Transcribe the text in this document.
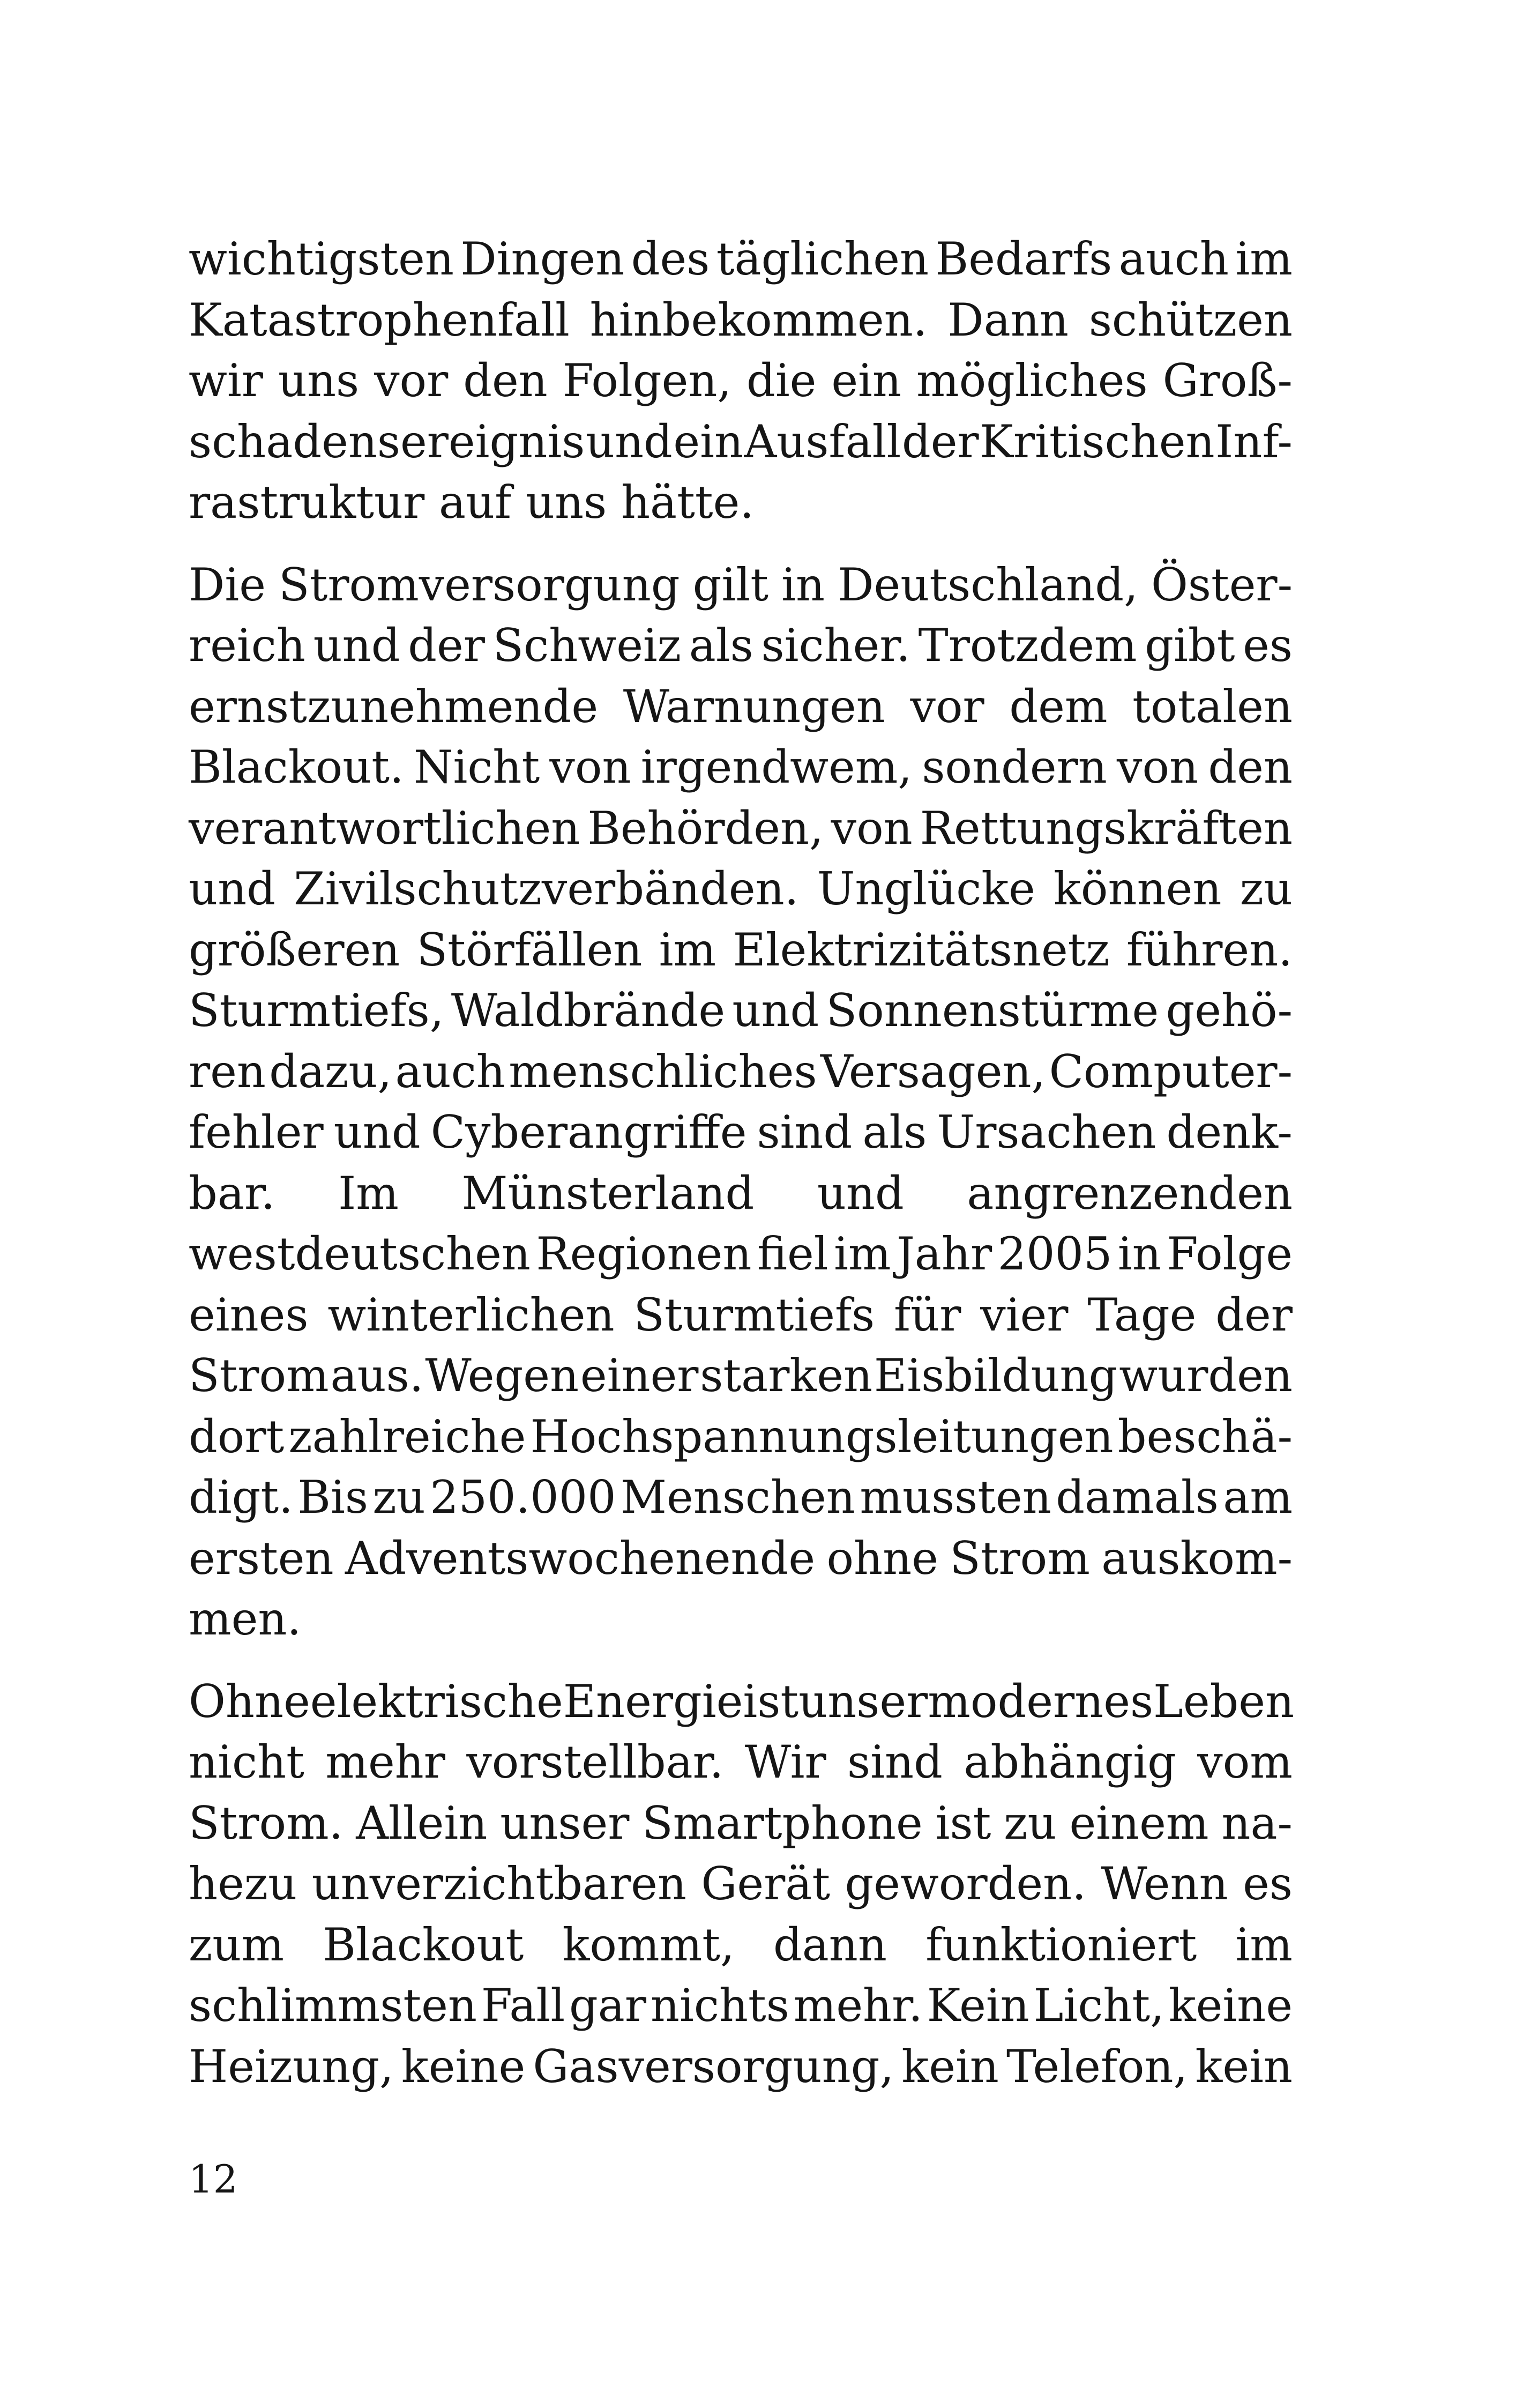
wichtigsten Dingen des täglichen Bedarfs auch im
Katastrophenfall hinbekommen. Dann schützen
wir uns vor den Folgen, die ein mögliches Groß-
schadensereignis und ein Ausfall der Kritischen Inf-
rastruktur auf uns hätte.
Die Stromversorgung gilt in Deutschland, Öster-
reich und der Schweiz als sicher. Trotzdem gibt es
ernstzunehmende Warnungen vor dem totalen
Blackout. Nicht von irgendwem, sondern von den
verantwortlichen Behörden, von Rettungskräften
und Zivilschutzverbänden. Unglücke können zu
größeren Störfällen im Elektrizitätsnetz führen.
Sturmtiefs, Waldbrände und Sonnenstürme gehö-
ren dazu, auch menschliches Versagen, Computer-
fehler und Cyberangriffe sind als Ursachen denk-
bar. Im Münsterland und angrenzenden
westdeutschen Regionen fiel im Jahr 2005 in Folge
eines winterlichen Sturmtiefs für vier Tage der
Strom aus. Wegen einer starken Eisbildung wurden
dort zahlreiche Hochspannungsleitungen beschä-
digt. Bis zu 250.000 Menschen mussten damals am
ersten Adventswochenende ohne Strom auskom-
men.
Ohne elektrische Energie ist unser modernes Leben
nicht mehr vorstellbar. Wir sind abhängig vom
Strom. Allein unser Smartphone ist zu einem na-
hezu unverzichtbaren Gerät geworden. Wenn es
zum Blackout kommt, dann funktioniert im
schlimmsten Fall gar nichts mehr. Kein Licht, keine
Heizung, keine Gasversorgung, kein Telefon, kein
12
